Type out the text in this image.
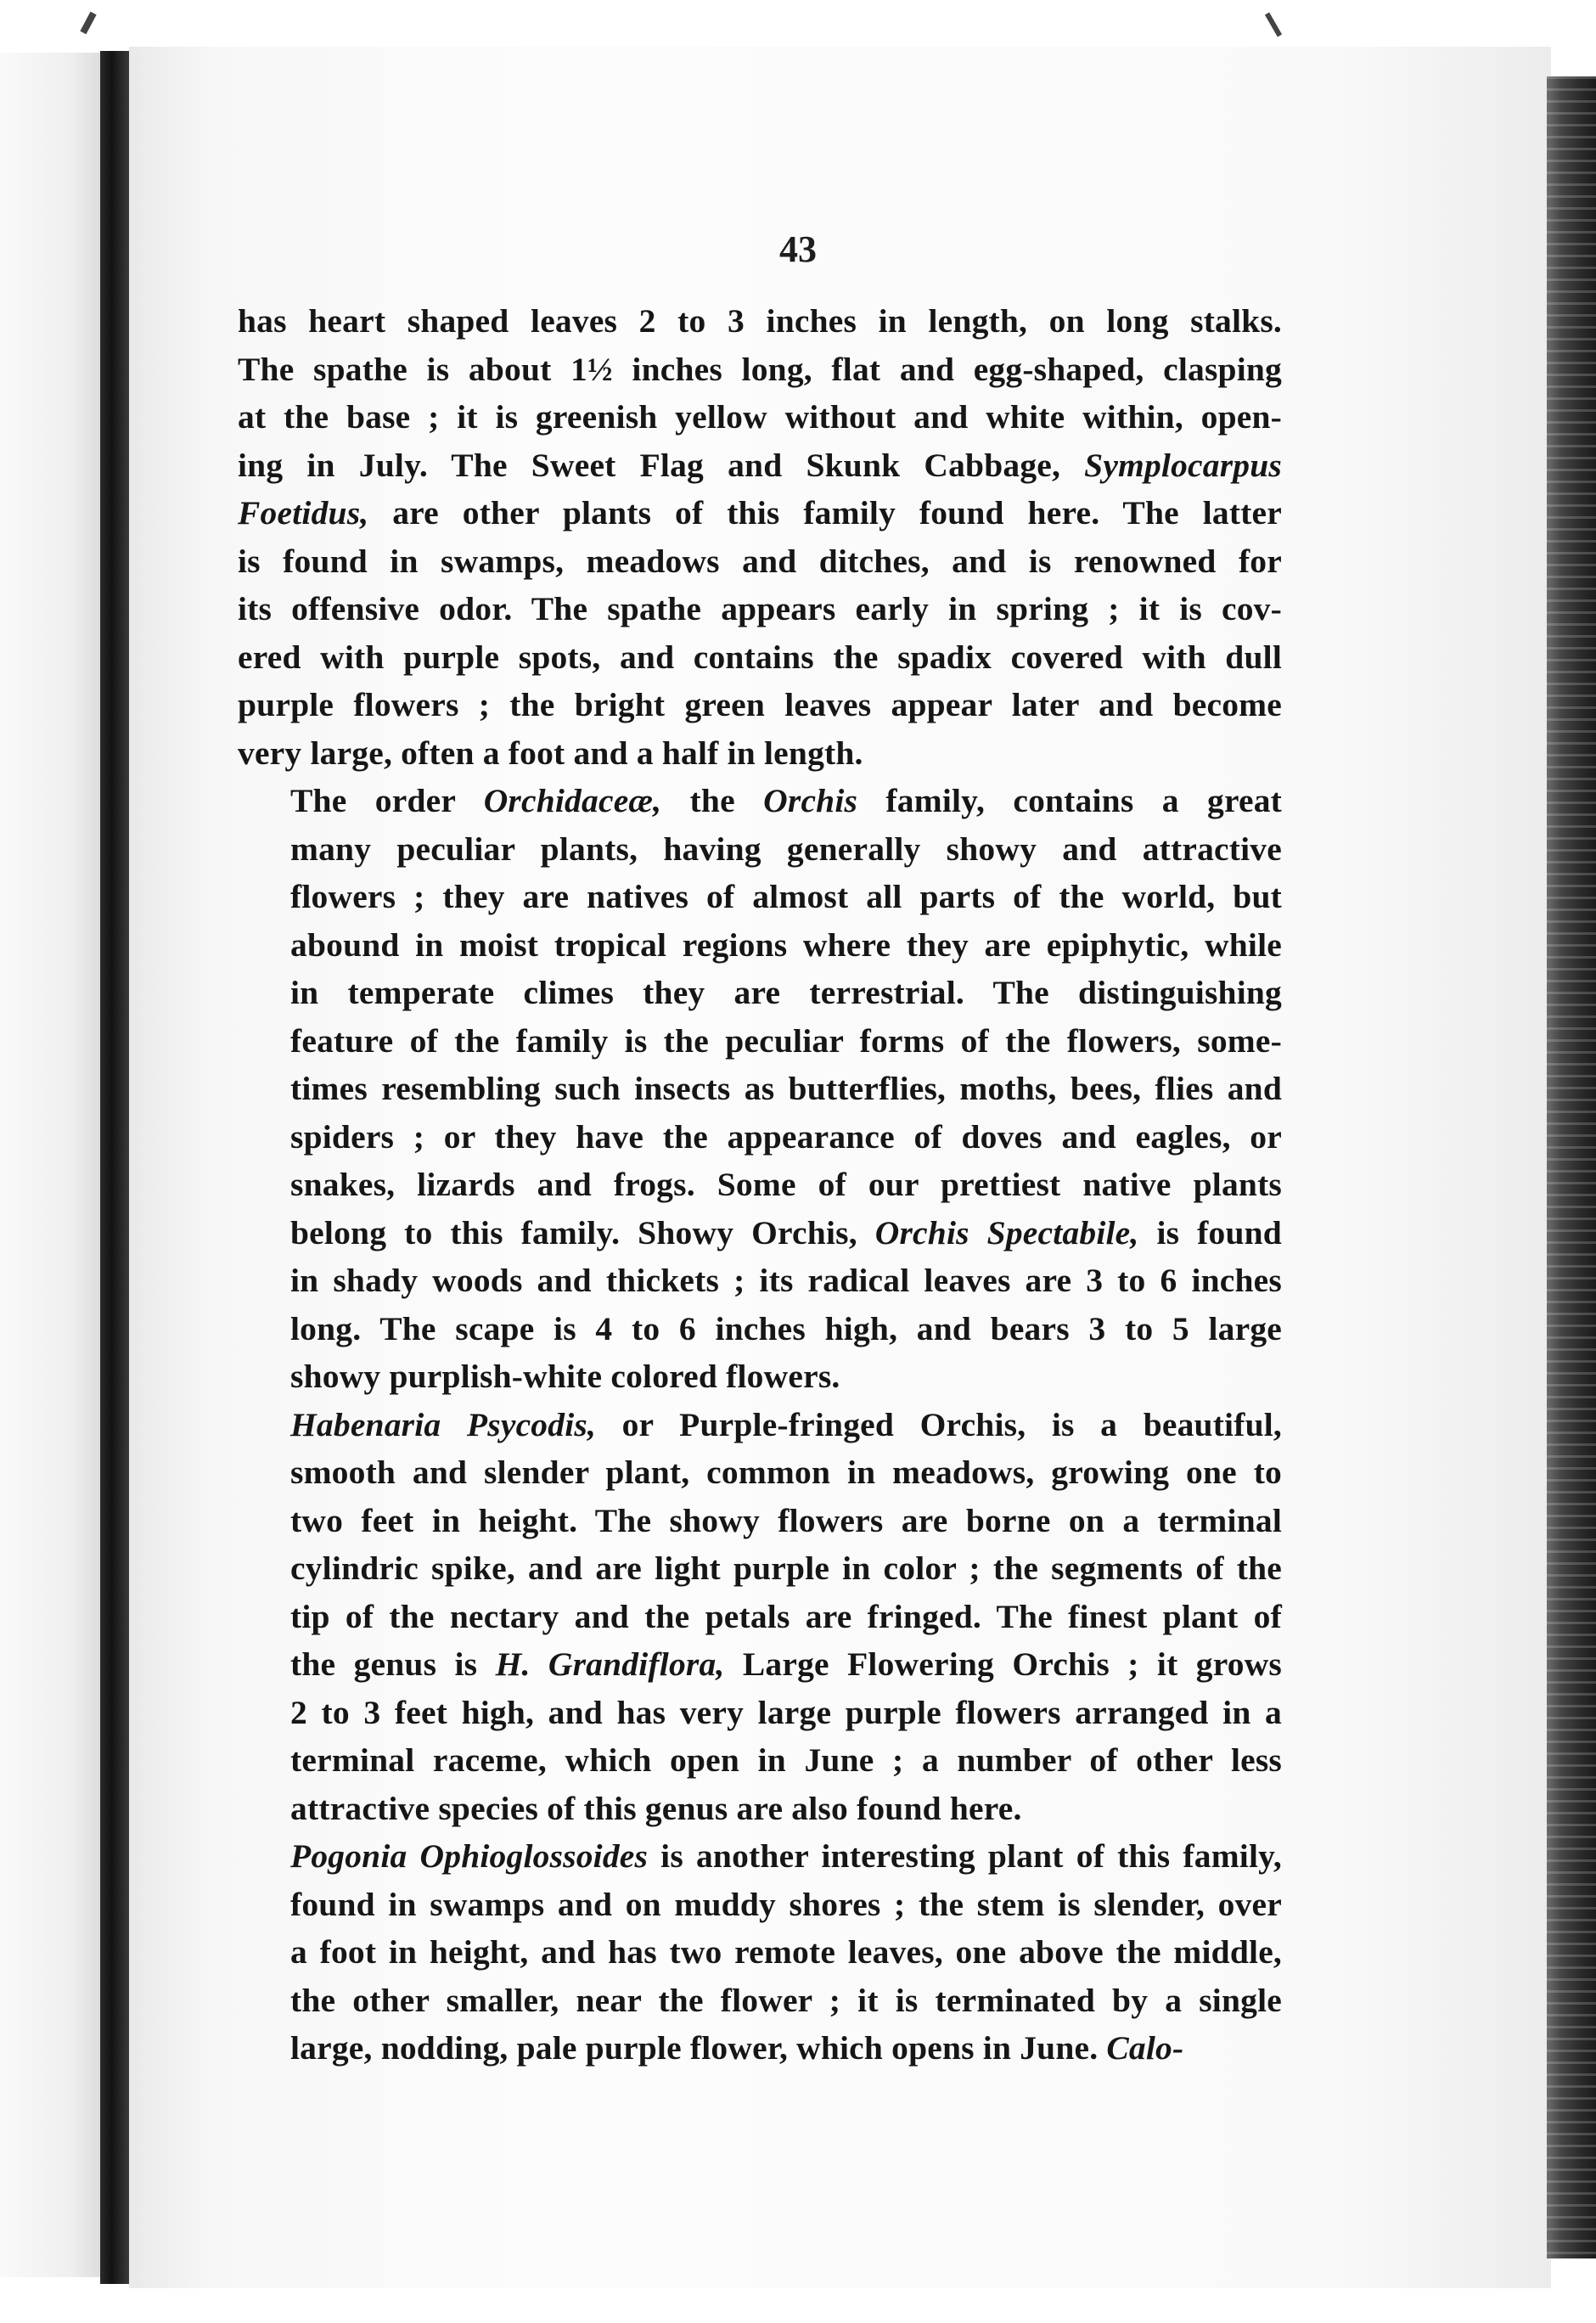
43

has heart shaped leaves 2 to 3 inches in length, on long stalks.
The spathe is about 1½ inches long, flat and egg-shaped, clasping
at the base ; it is greenish yellow without and white within, open-
ing in July. The Sweet Flag and Skunk Cabbage, Symplocarpus
Foetidus, are other plants of this family found here. The latter
is found in swamps, meadows and ditches, and is renowned for
its offensive odor. The spathe appears early in spring ; it is cov-
ered with purple spots, and contains the spadix covered with dull
purple flowers ; the bright green leaves appear later and become
very large, often a foot and a half in length.

The order Orchidaceæ, the Orchis family, contains a great
many peculiar plants, having generally showy and attractive
flowers ; they are natives of almost all parts of the world, but
abound in moist tropical regions where they are epiphytic, while
in temperate climes they are terrestrial. The distinguishing
feature of the family is the peculiar forms of the flowers, some-
times resembling such insects as butterflies, moths, bees, flies and
spiders ; or they have the appearance of doves and eagles, or
snakes, lizards and frogs. Some of our prettiest native plants
belong to this family. Showy Orchis, Orchis Spectabile, is found
in shady woods and thickets ; its radical leaves are 3 to 6 inches
long. The scape is 4 to 6 inches high, and bears 3 to 5 large
showy purplish-white colored flowers.

Habenaria Psycodis, or Purple-fringed Orchis, is a beautiful,
smooth and slender plant, common in meadows, growing one to
two feet in height. The showy flowers are borne on a terminal
cylindric spike, and are light purple in color ; the segments of the
tip of the nectary and the petals are fringed. The finest plant of
the genus is H. Grandiflora, Large Flowering Orchis ; it grows
2 to 3 feet high, and has very large purple flowers arranged in a
terminal raceme, which open in June ; a number of other less
attractive species of this genus are also found here.

Pogonia Ophioglossoides is another interesting plant of this family,
found in swamps and on muddy shores ; the stem is slender, over
a foot in height, and has two remote leaves, one above the middle,
the other smaller, near the flower ; it is terminated by a single
large, nodding, pale purple flower, which opens in June. Calo-
